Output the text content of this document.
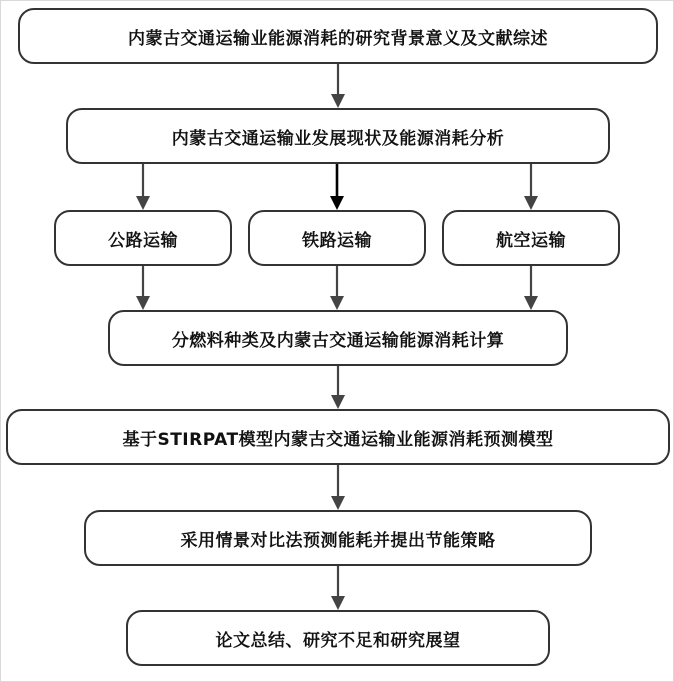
内蒙古交通运输业能源消耗的研究背景意义及文献综述
内蒙古交通运输业发展现状及能源消耗分析
公路运输	铁路运输	航空运输
分燃料种类及内蒙古交通运输能源消耗计算
基于STIRPAT模型内蒙古交通运输业能源消耗预测模型
采用情景对比法预测能耗并提出节能策略
论文总结、研究不足和研究展望
